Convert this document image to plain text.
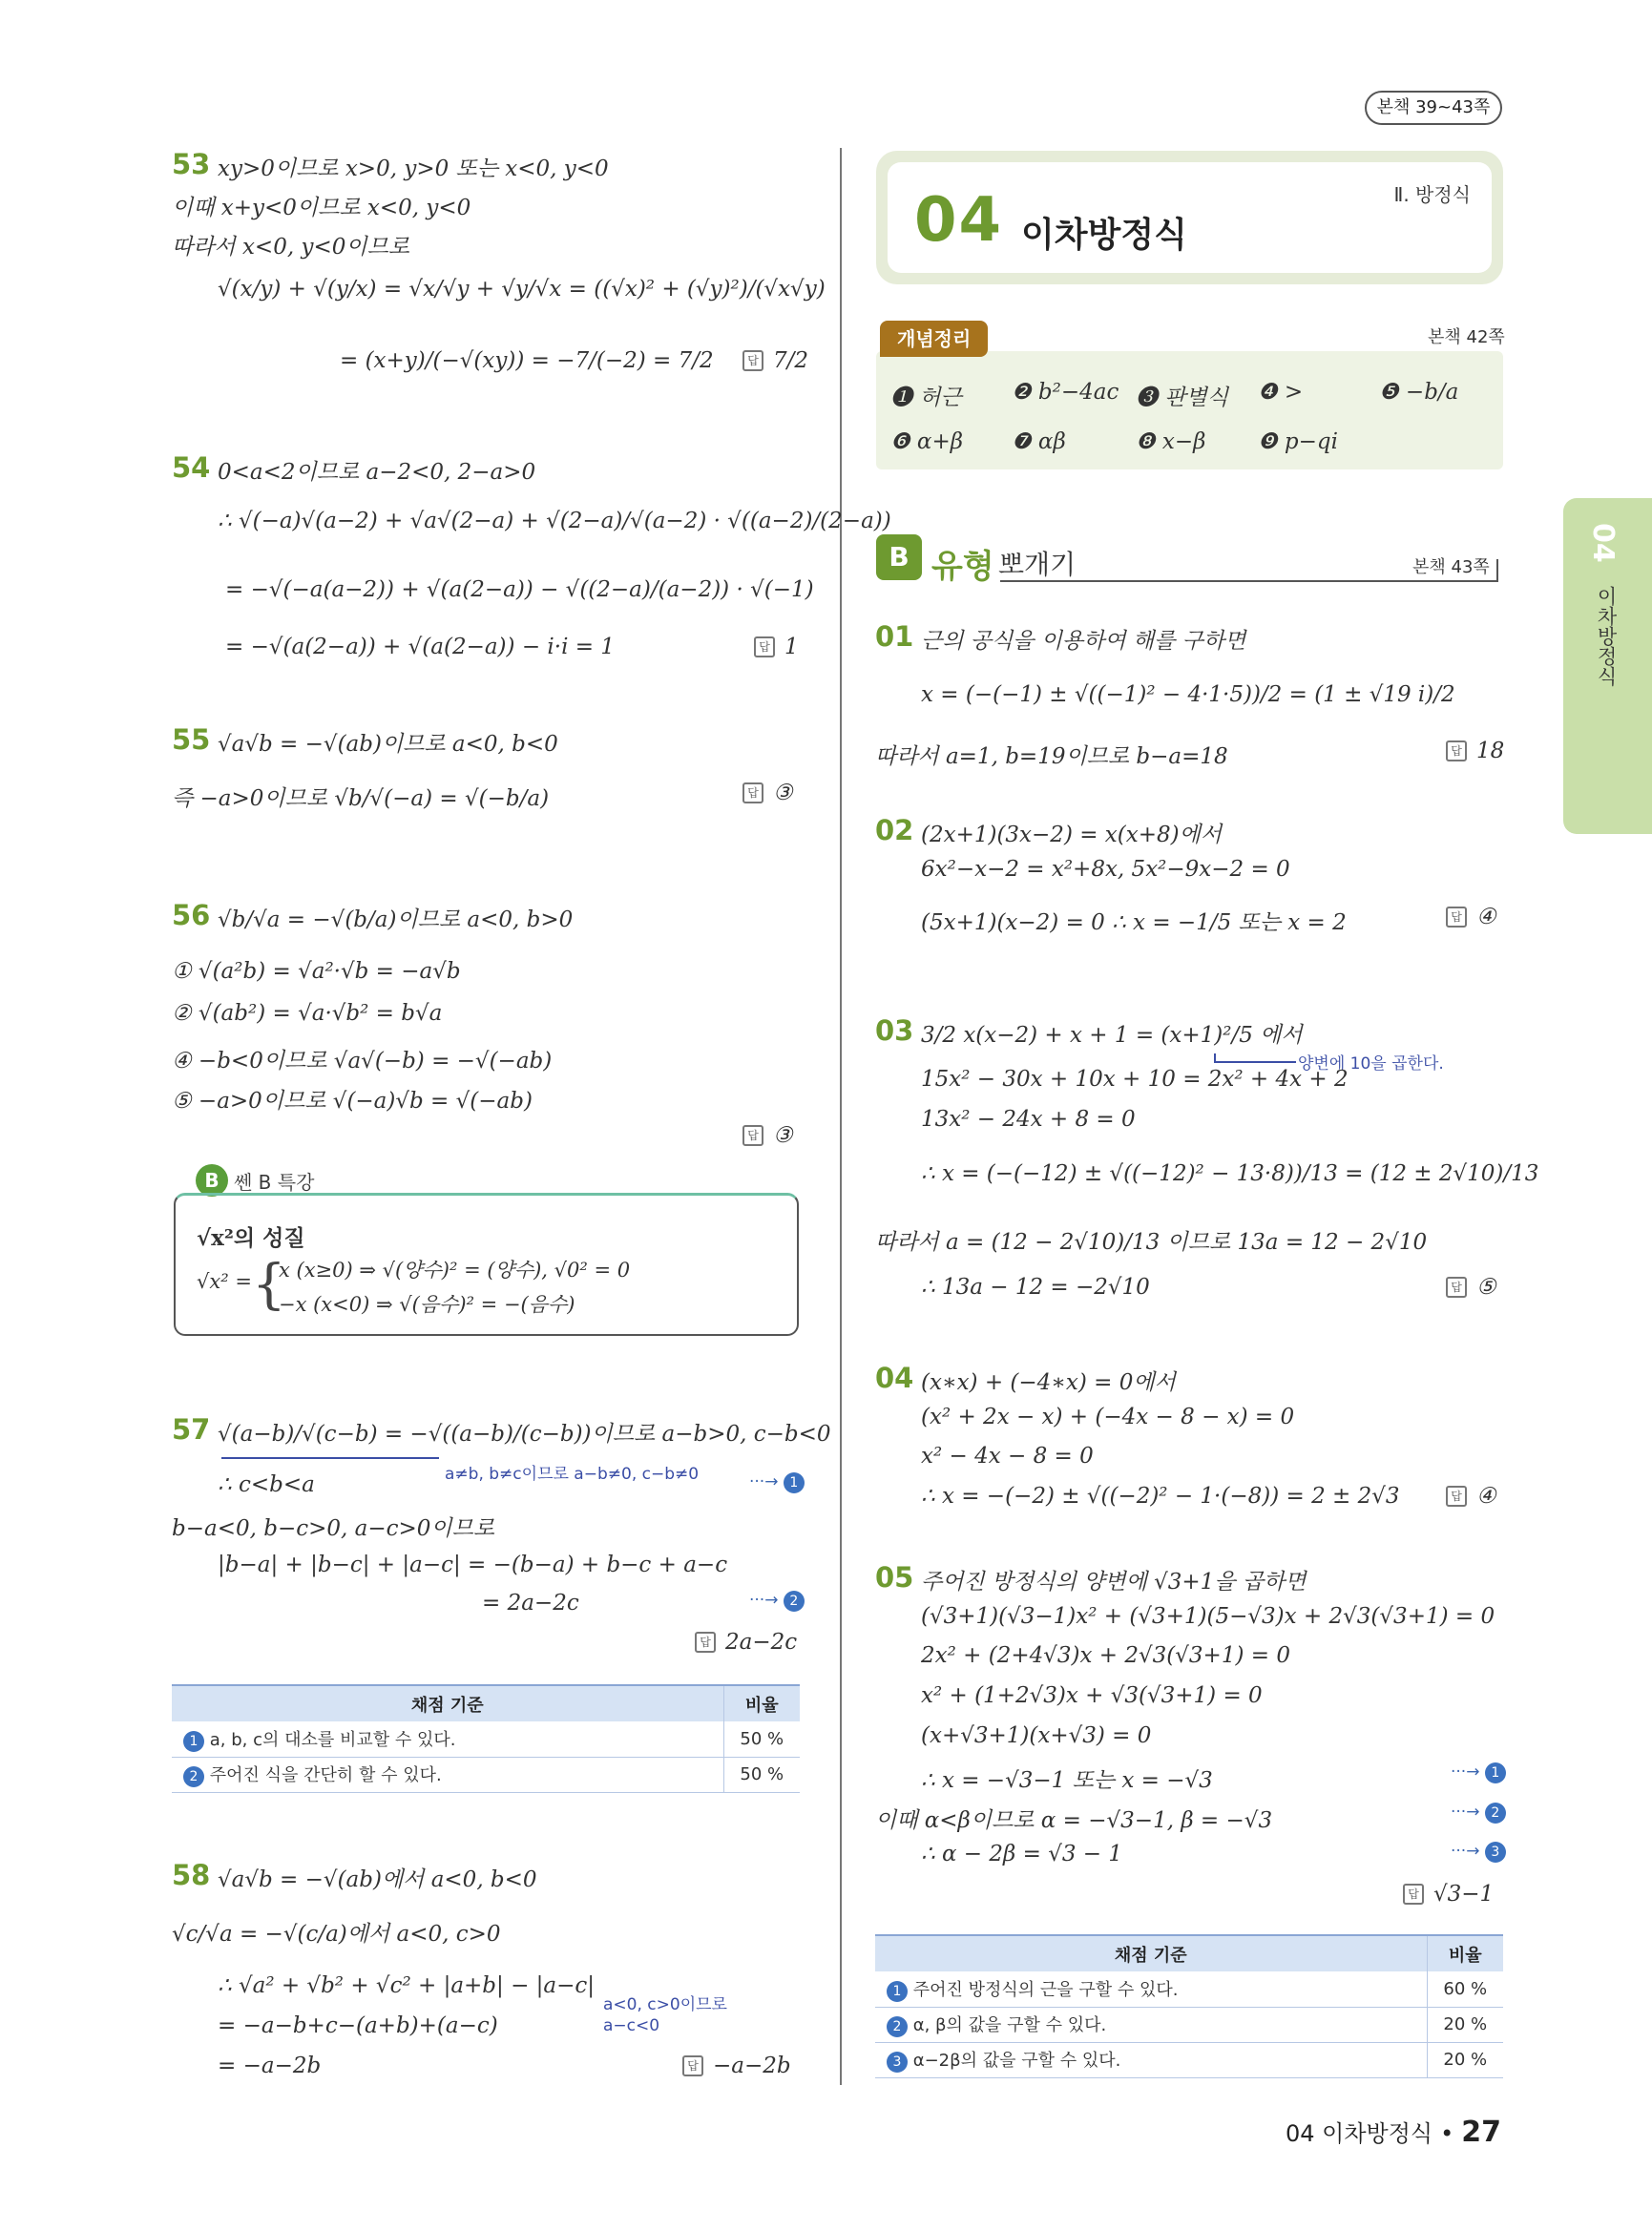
본책 39~43쪽
53 xy>0이므로 x>0, y>0 또는 x<0, y<0
이때 x+y<0이므로 x<0, y<0
따라서 x<0, y<0이므로
√(x/y) + √(y/x) = √x/√y + √y/√x = ((√x)² + (√y)²)/(√x√y)
= (x+y)/(−√(xy)) = −7/(−2) = 7/2	답 7/2
54 0<a<2이므로 a−2<0, 2−a>0
∴ √(−a)√(a−2) + √a√(2−a) + √(2−a)/√(a−2) · √((a−2)/(2−a))
= −√(−a(a−2)) + √(a(2−a)) − √((2−a)/(a−2)) · √(−1)
= −√(a(2−a)) + √(a(2−a)) − i·i = 1	답 1
55 √a√b = −√(ab)이므로 a<0, b<0
즉 −a>0이므로 √b/√(−a) = √(−b/a)	답 ③
56 √b/√a = −√(b/a)이므로 a<0, b>0
① √(a²b) = √a²·√b = −a√b
② √(ab²) = √a·√b² = b√a
④ −b<0이므로 √a√(−b) = −√(−ab)
⑤ −a>0이므로 √(−a)√b = √(−ab)
답 ③
B 쎈 B 특강
√x²의 성질
√x² = {
x (x≥0) ⇒ √(양수)² = (양수), √0² = 0
−x (x<0) ⇒ √(음수)² = −(음수)
57 √(a−b)/√(c−b) = −√((a−b)/(c−b))이므로 a−b>0, c−b<0
a≠b, b≠c이므로 a−b≠0, c−b≠0
∴ c<b<a	···→ 1
b−a<0, b−c>0, a−c>0이므로
|b−a| + |b−c| + |a−c| = −(b−a) + b−c + a−c
= 2a−2c	···→ 2
답 2a−2c
채점 기준	비율
1 a, b, c의 대소를 비교할 수 있다.	50 %
2 주어진 식을 간단히 할 수 있다.	50 %
58 √a√b = −√(ab)에서 a<0, b<0
√c/√a = −√(c/a)에서 a<0, c>0
∴ √a² + √b² + √c² + |a+b| − |a−c|
a<0, c>0이므로 a−c<0
= −a−b+c−(a+b)+(a−c)
= −a−2b	답 −a−2b
04 이차방정식
Ⅱ. 방정식
개념정리	본책 42쪽
❶ 허근 ❷ b²−4ac ❸ 판별식 ❹ >	❺ −b/a
❻ α+β ❼ αβ	❽ x−β ❾ p−qi
B 유형 뽀개기	본책 43쪽
01 근의 공식을 이용하여 해를 구하면
x = (−(−1) ± √((−1)² − 4·1·5))/2 = (1 ± √19 i)/2
따라서 a=1, b=19이므로 b−a=18	답 18
02 (2x+1)(3x−2) = x(x+8)에서
6x²−x−2 = x²+8x, 5x²−9x−2 = 0
(5x+1)(x−2) = 0 ∴ x = −1/5 또는 x = 2	답 ④
03 3/2 x(x−2) + x + 1 = (x+1)²/5 에서
양변에 10을 곱한다.
15x² − 30x + 10x + 10 = 2x² + 4x + 2
13x² − 24x + 8 = 0
∴ x = (−(−12) ± √((−12)² − 13·8))/13 = (12 ± 2√10)/13
따라서 a = (12 − 2√10)/13 이므로 13a = 12 − 2√10
∴ 13a − 12 = −2√10	답 ⑤
04 (x∗x) + (−4∗x) = 0에서
(x² + 2x − x) + (−4x − 8 − x) = 0
x² − 4x − 8 = 0
∴ x = −(−2) ± √((−2)² − 1·(−8)) = 2 ± 2√3	답 ④
05 주어진 방정식의 양변에 √3+1을 곱하면
(√3+1)(√3−1)x² + (√3+1)(5−√3)x + 2√3(√3+1) = 0
2x² + (2+4√3)x + 2√3(√3+1) = 0
x² + (1+2√3)x + √3(√3+1) = 0
(x+√3+1)(x+√3) = 0
∴ x = −√3−1 또는 x = −√3	···→ 1
이때 α<β이므로 α = −√3−1, β = −√3	···→ 2
∴ α − 2β = √3 − 1	···→ 3
답 √3−1
채점 기준	비율
1 주어진 방정식의 근을 구할 수 있다.	60 %
2 α, β의 값을 구할 수 있다.	20 %
3 α−2β의 값을 구할 수 있다.	20 %
04
이차방정식
04 이차방정식 • 27
